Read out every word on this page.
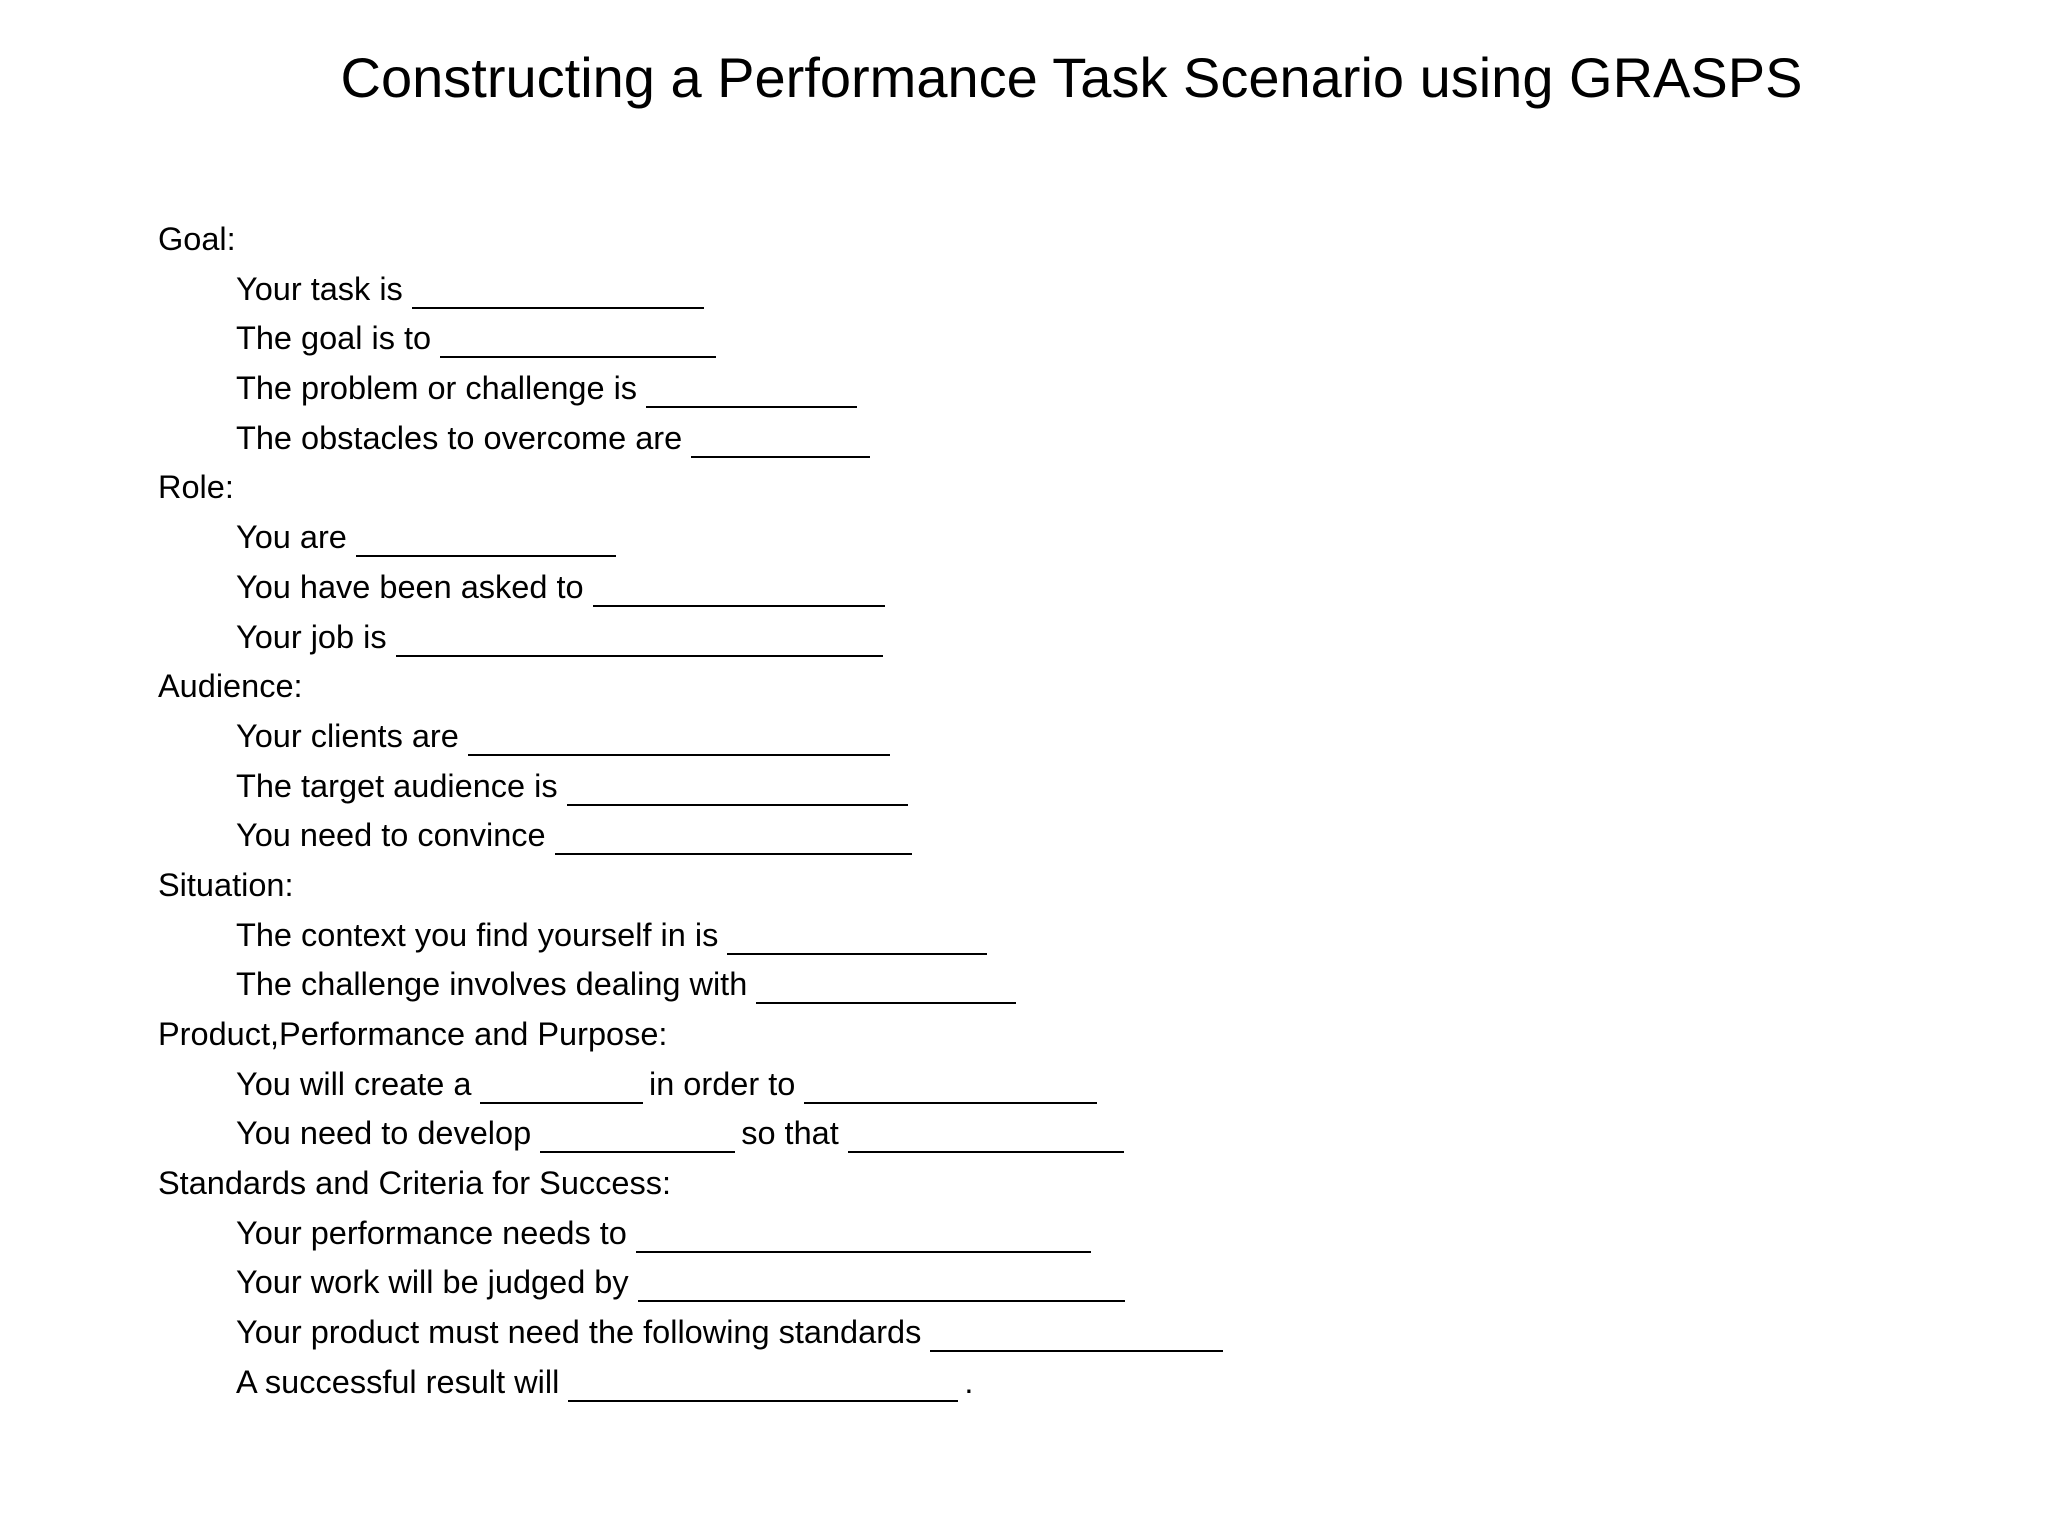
Constructing a Performance Task Scenario using GRASPS
Goal:
Your task is
The goal is to
The problem or challenge is
The obstacles to overcome are
Role:
You are
You have been asked to
Your job is
Audience:
Your clients are
The target audience is
You need to convince
Situation:
The context you find yourself in is
The challenge involves dealing with
Product,Performance and Purpose:
You will create a	in order to
You need to develop	so that
Standards and Criteria for Success:
Your performance needs to
Your work will be judged by
Your product must need the following standards
A successful result will	.
